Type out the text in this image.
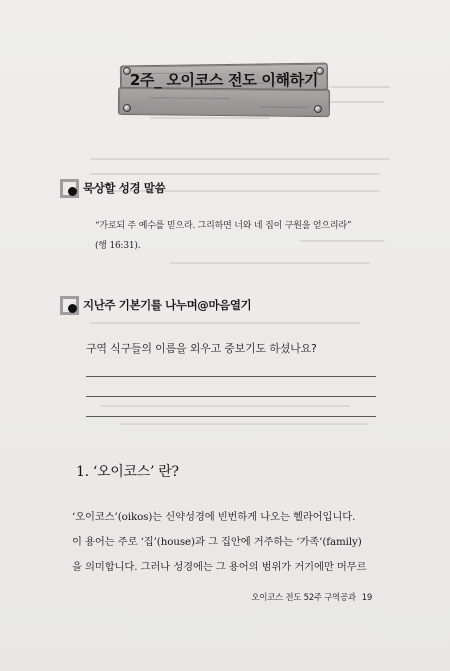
2주_ 오이코스 전도 이해하기
묵상할 성경 말씀
“가로되 주 예수를 믿으라. 그리하면 너와 네 집이 구원을 얻으리라”
(행 16:31).
지난주 기본기를 나누며@마음열기
구역 식구들의 이름을 외우고 중보기도 하셨나요?
1. ‘오이코스’ 란?
‘오이코스’(oikos)는 신약성경에 빈번하게 나오는 헬라어입니다.
이 용어는 주로 ‘집’(house)과 그 집안에 거주하는 ‘가족’(family)
을 의미합니다. 그러나 성경에는 그 용어의 범위가 거기에만 머무르
오이코스 전도 52주 구역공과 19
